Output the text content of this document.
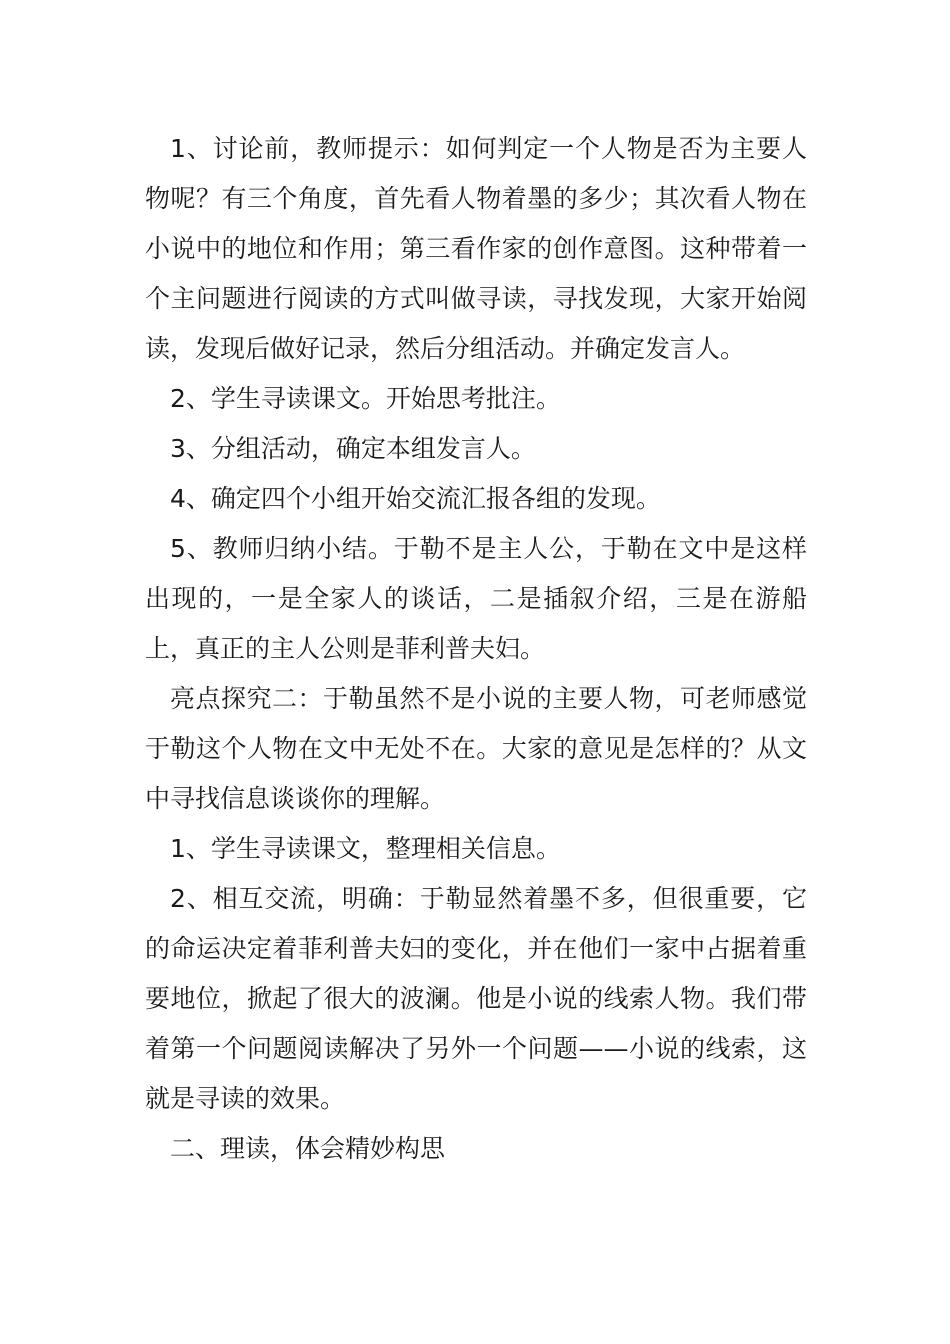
1、讨论前，教师提示：如何判定一个人物是否为主要人物呢？有三个角度，首先看人物着墨的多少；其次看人物在小说中的地位和作用；第三看作家的创作意图。这种带着一个主问题进行阅读的方式叫做寻读，寻找发现，大家开始阅读，发现后做好记录，然后分组活动。并确定发言人。

2、学生寻读课文。开始思考批注。

3、分组活动，确定本组发言人。

4、确定四个小组开始交流汇报各组的发现。

5、教师归纳小结。于勒不是主人公，于勒在文中是这样出现的，一是全家人的谈话，二是插叙介绍，三是在游船上，真正的主人公则是菲利普夫妇。

亮点探究二：于勒虽然不是小说的主要人物，可老师感觉于勒这个人物在文中无处不在。大家的意见是怎样的？从文中寻找信息谈谈你的理解。

1、学生寻读课文，整理相关信息。

2、相互交流，明确：于勒显然着墨不多，但很重要，它的命运决定着菲利普夫妇的变化，并在他们一家中占据着重要地位，掀起了很大的波澜。他是小说的线索人物。我们带着第一个问题阅读解决了另外一个问题——小说的线索，这就是寻读的效果。

二、理读，体会精妙构思
